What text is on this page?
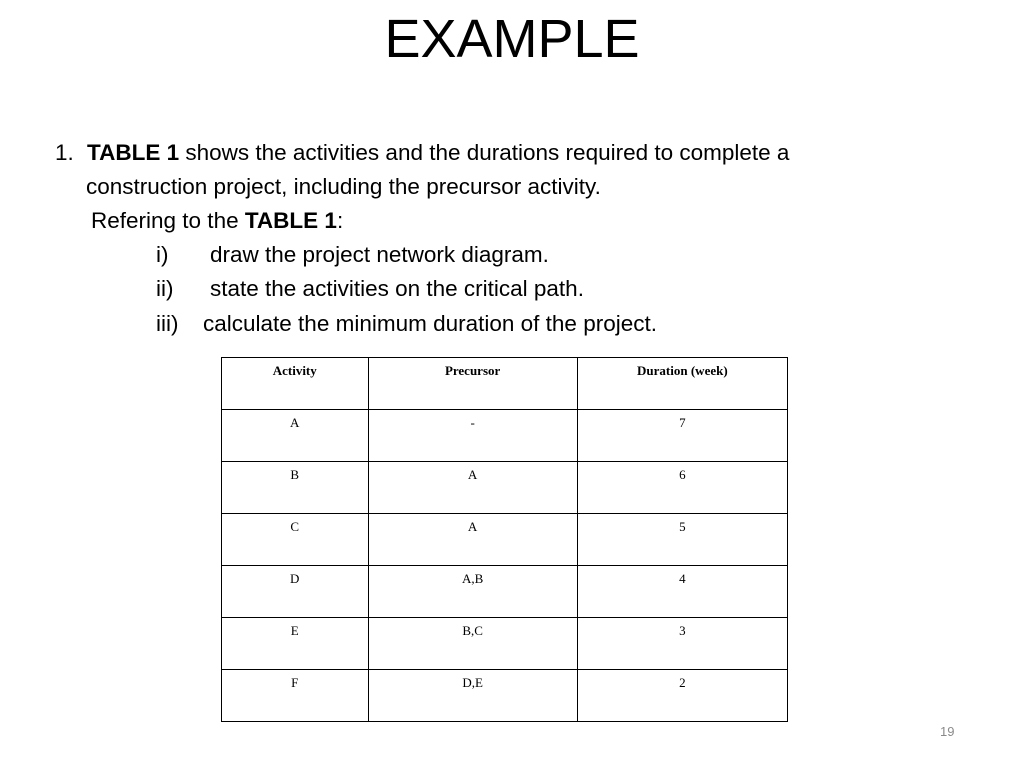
EXAMPLE
1. TABLE 1 shows the activities and the durations required to complete a
construction project, including the precursor activity.
Refering to the TABLE 1:
i) draw the project network diagram.
ii) state the activities on the critical path.
iii) calculate the minimum duration of the project.
Activity	Precursor	Duration (week)
A	-	7
B	A	6
C	A	5
D	A,B	4
E	B,C	3
F	D,E	2
19
